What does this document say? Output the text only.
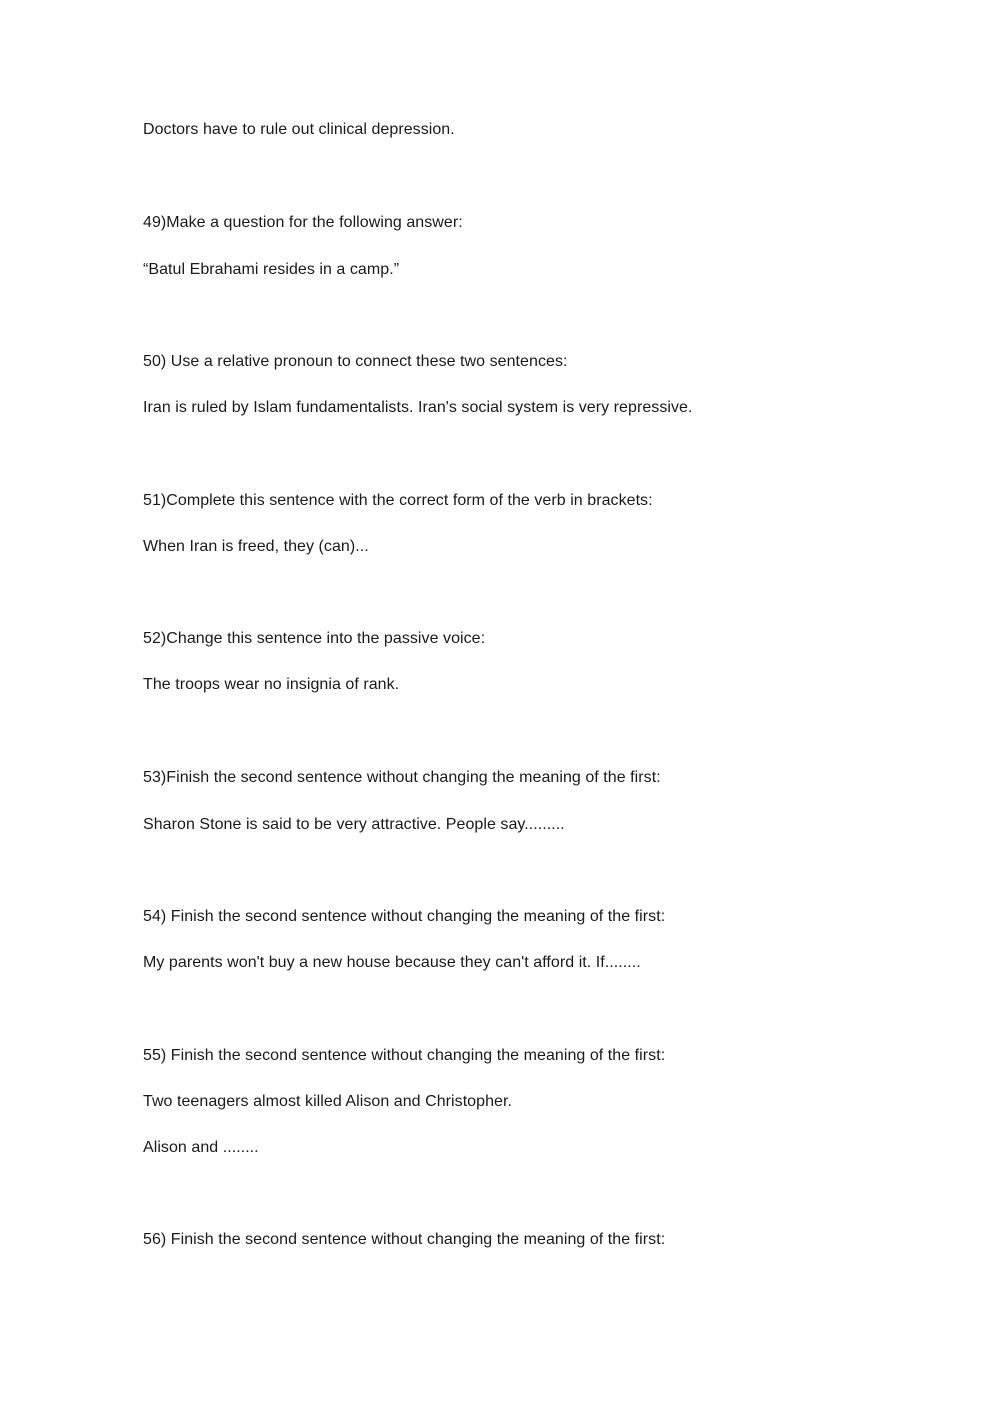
Doctors have to rule out clinical depression.
49)Make a question for the following answer:
“Batul Ebrahami resides in a camp.”
50) Use a relative pronoun to connect these two sentences:
Iran is ruled by Islam fundamentalists. Iran's social system is very repressive.
51)Complete this sentence with the correct form of the verb in brackets:
When Iran is freed, they (can)...
52)Change this sentence into the passive voice:
The troops wear no insignia of rank.
53)Finish the second sentence without changing the meaning of the first:
Sharon Stone is said to be very attractive. People say.........
54) Finish the second sentence without changing the meaning of the first:
My parents won't buy a new house because they can't afford it. If........
55) Finish the second sentence without changing the meaning of the first:
Two teenagers almost killed Alison and Christopher.
Alison and ........
56) Finish the second sentence without changing the meaning of the first:
